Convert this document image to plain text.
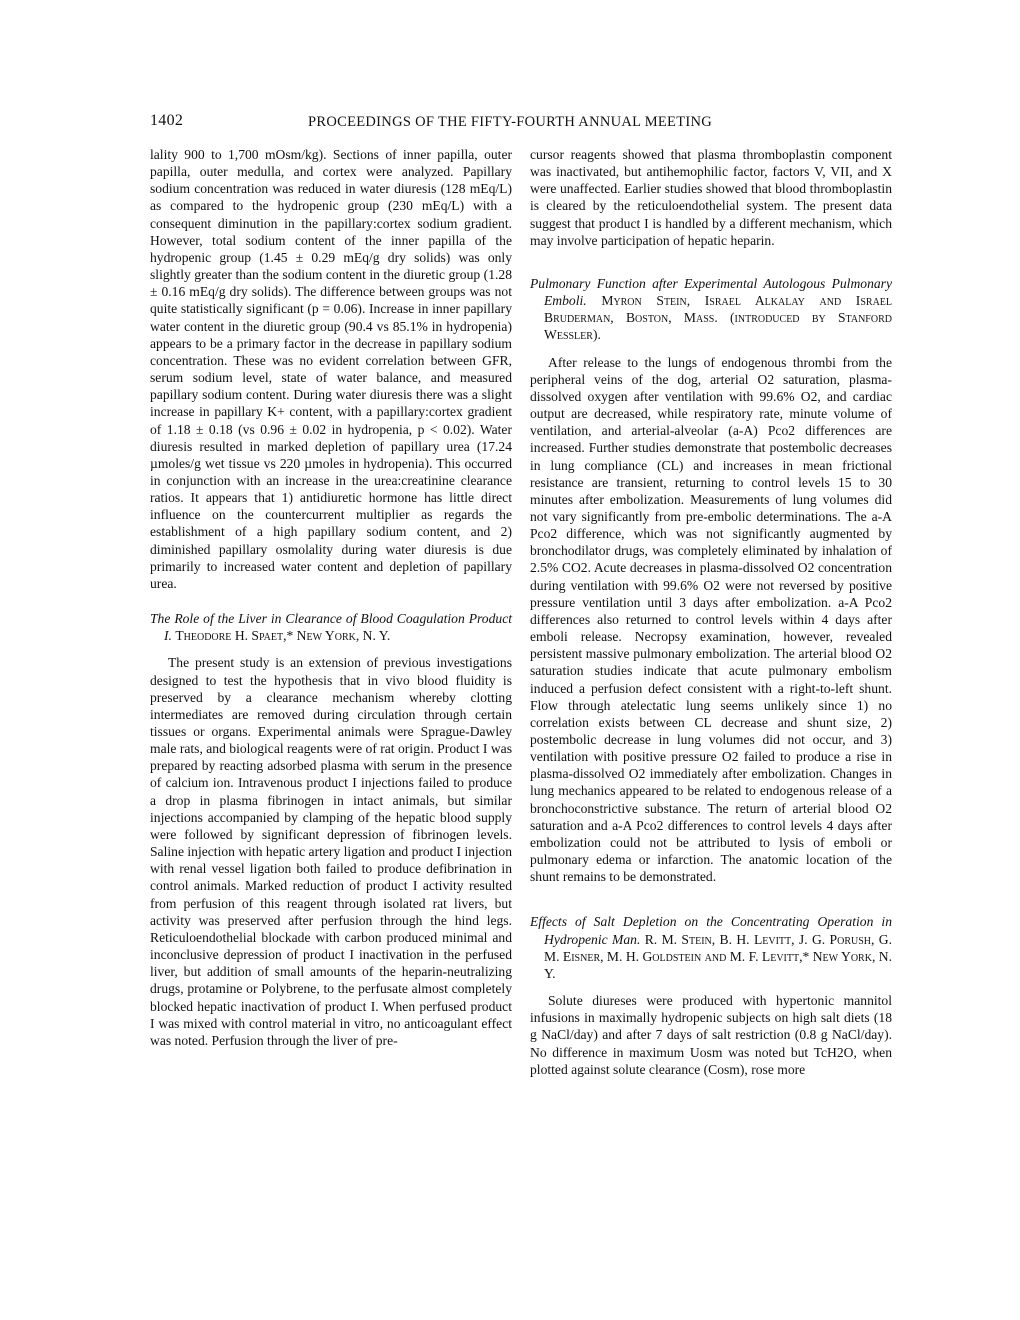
1402	PROCEEDINGS OF THE FIFTY-FOURTH ANNUAL MEETING

lality 900 to 1,700 mOsm/kg). Sections of inner papilla, outer papilla, outer medulla, and cortex were analyzed. Papillary sodium concentration was reduced in water diuresis (128 mEq/L) as compared to the hydropenic group (230 mEq/L) with a consequent diminution in the papillary:cortex sodium gradient. However, total sodium content of the inner papilla of the hydropenic group (1.45 ± 0.29 mEq/g dry solids) was only slightly greater than the sodium content in the diuretic group (1.28 ± 0.16 mEq/g dry solids). The difference between groups was not quite statistically significant (p = 0.06). Increase in inner papillary water content in the diuretic group (90.4 vs 85.1% in hydropenia) appears to be a primary factor in the decrease in papillary sodium concentration. These was no evident correlation between GFR, serum sodium level, state of water balance, and measured papillary sodium content. During water diuresis there was a slight increase in papillary K+ content, with a papillary:cortex gradient of 1.18 ± 0.18 (vs 0.96 ± 0.02 in hydropenia, p < 0.02). Water diuresis resulted in marked depletion of papillary urea (17.24 µmoles/g wet tissue vs 220 µmoles in hydropenia). This occurred in conjunction with an increase in the urea:creatinine clearance ratios. It appears that 1) antidiuretic hormone has little direct influence on the countercurrent multiplier as regards the establishment of a high papillary sodium content, and 2) diminished papillary osmolality during water diuresis is due primarily to increased water content and depletion of papillary urea.

The Role of the Liver in Clearance of Blood Coagulation Product I. Theodore H. Spaet,* New York, N. Y.

The present study is an extension of previous investigations designed to test the hypothesis that in vivo blood fluidity is preserved by a clearance mechanism whereby clotting intermediates are removed during circulation through certain tissues or organs. Experimental animals were Sprague-Dawley male rats, and biological reagents were of rat origin. Product I was prepared by reacting adsorbed plasma with serum in the presence of calcium ion. Intravenous product I injections failed to produce a drop in plasma fibrinogen in intact animals, but similar injections accompanied by clamping of the hepatic blood supply were followed by significant depression of fibrinogen levels. Saline injection with hepatic artery ligation and product I injection with renal vessel ligation both failed to produce defibrination in control animals. Marked reduction of product I activity resulted from perfusion of this reagent through isolated rat livers, but activity was preserved after perfusion through the hind legs. Reticuloendothelial blockade with carbon produced minimal and inconclusive depression of product I inactivation in the perfused liver, but addition of small amounts of the heparin-neutralizing drugs, protamine or Polybrene, to the perfusate almost completely blocked hepatic inactivation of product I. When perfused product I was mixed with control material in vitro, no anticoagulant effect was noted. Perfusion through the liver of pre-

cursor reagents showed that plasma thromboplastin component was inactivated, but antihemophilic factor, factors V, VII, and X were unaffected. Earlier studies showed that blood thromboplastin is cleared by the reticuloendothelial system. The present data suggest that product I is handled by a different mechanism, which may involve participation of hepatic heparin.

Pulmonary Function after Experimental Autologous Pulmonary Emboli. Myron Stein, Israel Alkalay and Israel Bruderman, Boston, Mass. (introduced by Stanford Wessler).

After release to the lungs of endogenous thrombi from the peripheral veins of the dog, arterial O2 saturation, plasma-dissolved oxygen after ventilation with 99.6% O2, and cardiac output are decreased, while respiratory rate, minute volume of ventilation, and arterial-alveolar (a-A) Pco2 differences are increased. Further studies demonstrate that postembolic decreases in lung compliance (CL) and increases in mean frictional resistance are transient, returning to control levels 15 to 30 minutes after embolization. Measurements of lung volumes did not vary significantly from pre-embolic determinations. The a-A Pco2 difference, which was not significantly augmented by bronchodilator drugs, was completely eliminated by inhalation of 2.5% CO2. Acute decreases in plasma-dissolved O2 concentration during ventilation with 99.6% O2 were not reversed by positive pressure ventilation until 3 days after embolization. a-A Pco2 differences also returned to control levels within 4 days after emboli release. Necropsy examination, however, revealed persistent massive pulmonary embolization. The arterial blood O2 saturation studies indicate that acute pulmonary embolism induced a perfusion defect consistent with a right-to-left shunt. Flow through atelectatic lung seems unlikely since 1) no correlation exists between CL decrease and shunt size, 2) postembolic decrease in lung volumes did not occur, and 3) ventilation with positive pressure O2 failed to produce a rise in plasma-dissolved O2 immediately after embolization. Changes in lung mechanics appeared to be related to endogenous release of a bronchoconstrictive substance. The return of arterial blood O2 saturation and a-A Pco2 differences to control levels 4 days after embolization could not be attributed to lysis of emboli or pulmonary edema or infarction. The anatomic location of the shunt remains to be demonstrated.

Effects of Salt Depletion on the Concentrating Operation in Hydropenic Man. R. M. Stein, B. H. Levitt, J. G. Porush, G. M. Eisner, M. H. Goldstein and M. F. Levitt,* New York, N. Y.

Solute diureses were produced with hypertonic mannitol infusions in maximally hydropenic subjects on high salt diets (18 g NaCl/day) and after 7 days of salt restriction (0.8 g NaCl/day). No difference in maximum Uosm was noted but TcH2O, when plotted against solute clearance (Cosm), rose more
